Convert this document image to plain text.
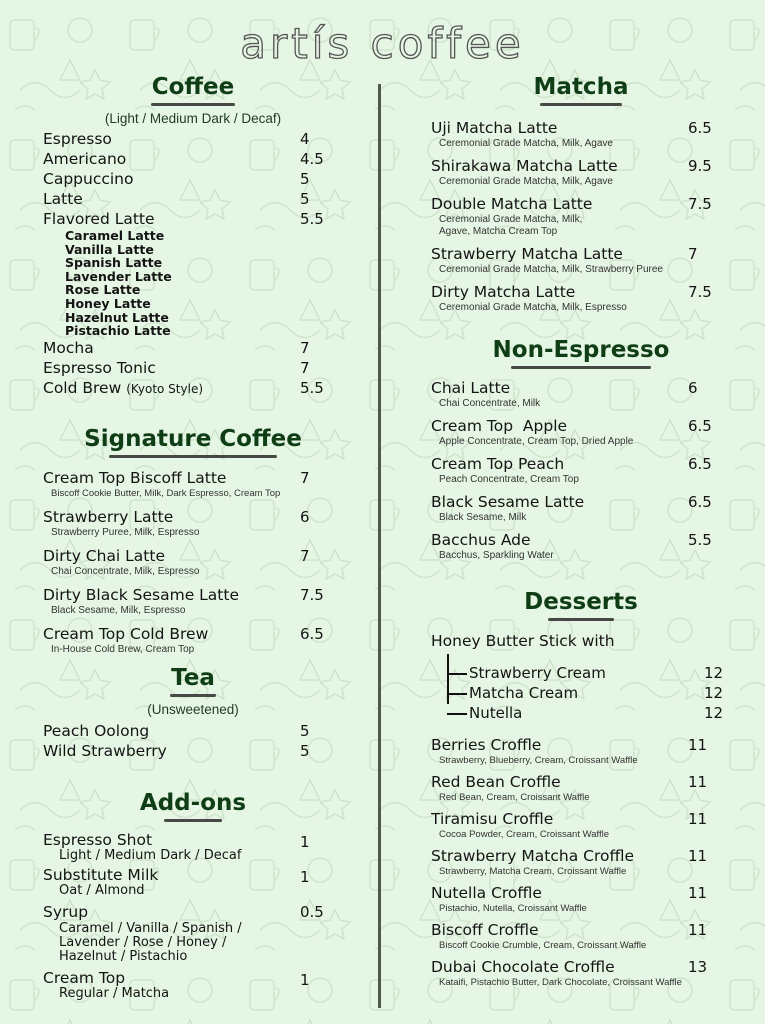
artís coffee
Coffee
(Light / Medium Dark / Decaf)
Espresso	4
Americano	4.5
Cappuccino	5
Latte	5
Flavored Latte	5.5
Caramel Latte
Vanilla Latte
Spanish Latte
Lavender Latte
Rose Latte
Honey Latte
Hazelnut Latte
Pistachio Latte
Mocha	7
Espresso Tonic	7
Cold Brew (Kyoto Style)	5.5
Signature Coffee
Cream Top Biscoff Latte	7
Biscoff Cookie Butter, Milk, Dark Espresso, Cream Top
Strawberry Latte	6
Strawberry Puree, Milk, Espresso
Dirty Chai Latte	7
Chai Concentrate, Milk, Espresso
Dirty Black Sesame Latte	7.5
Black Sesame, Milk, Espresso
Cream Top Cold Brew	6.5
In-House Cold Brew, Cream Top
Tea
(Unsweetened)
Peach Oolong	5
Wild Strawberry	5
Add-ons
Espresso Shot	1
Light / Medium Dark / Decaf
Substitute Milk	1
Oat / Almond
Syrup	0.5
Caramel / Vanilla / Spanish /
Lavender / Rose / Honey /
Hazelnut / Pistachio
Cream Top	1
Regular / Matcha
Matcha
Uji Matcha Latte	6.5
Ceremonial Grade Matcha, Milk, Agave
Shirakawa Matcha Latte	9.5
Ceremonial Grade Matcha, Milk, Agave
Double Matcha Latte	7.5
Ceremonial Grade Matcha, Milk,
Agave, Matcha Cream Top
Strawberry Matcha Latte	7
Ceremonial Grade Matcha, Milk, Strawberry Puree
Dirty Matcha Latte	7.5
Ceremonial Grade Matcha, Milk, Espresso
Non-Espresso
Chai Latte	6
Chai Concentrate, Milk
Cream Top  Apple	6.5
Apple Concentrate, Cream Top, Dried Apple
Cream Top Peach	6.5
Peach Concentrate, Cream Top
Black Sesame Latte	6.5
Black Sesame, Milk
Bacchus Ade	5.5
Bacchus, Sparkling Water
Desserts
Honey Butter Stick with
Strawberry Cream	12
Matcha Cream	12
Nutella	12
Berries Croffle	11
Strawberry, Blueberry, Cream, Croissant Waffle
Red Bean Croffle	11
Red Bean, Cream, Croissant Waffle
Tiramisu Croffle	11
Cocoa Powder, Cream, Croissant Waffle
Strawberry Matcha Croffle	11
Strawberry, Matcha Cream, Croissant Waffle
Nutella Croffle	11
Pistachio, Nutella, Croissant Waffle
Biscoff Croffle	11
Biscoff Cookie Crumble, Cream, Croissant Waffle
Dubai Chocolate Croffle	13
Kataifi, Pistachio Butter, Dark Chocolate, Croissant Waffle
